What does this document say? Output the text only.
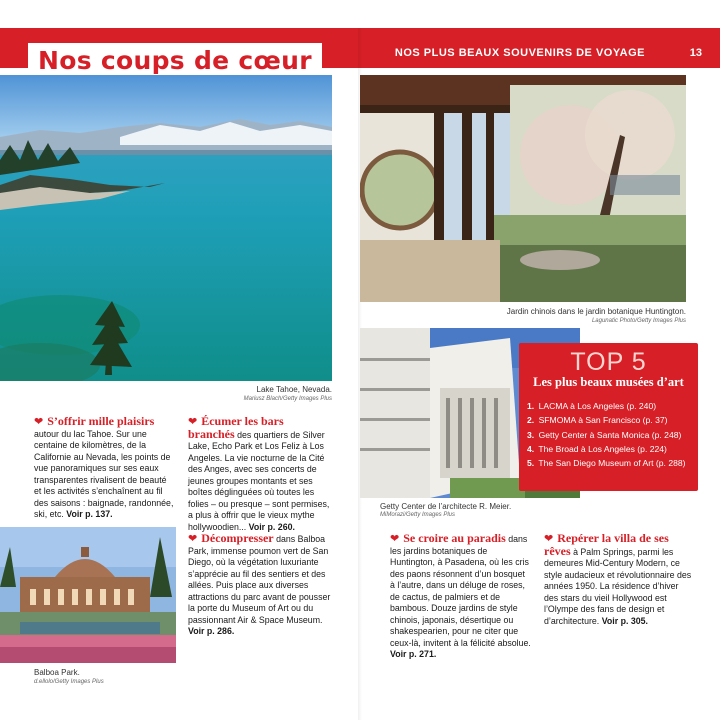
Nos coups de cœur	NOS PLUS BEAUX SOUVENIRS DE VOYAGE	13
Lake Tahoe, Nevada.
Mariusz Blach/Getty Images Plus
Jardin chinois dans le jardin botanique Huntington.
Lagunatic Photo/Getty Images Plus
Getty Center de l’architecte R. Meier.
MiMorazi/Getty Images Plus
TOP 5
Les plus beaux musées d’art
1. LACMA à Los Angeles (p. 240)
2. SFMOMA à San Francisco (p. 37)
3. Getty Center à Santa Monica (p. 248)
4. The Broad à Los Angeles (p. 224)
5. The San Diego Museum of Art (p. 288)
❤ S’offrir mille plaisirs autour du lac Tahoe. Sur une centaine de kilomètres, de la Californie au Nevada, les points de vue panoramiques sur ses eaux transparentes rivalisent de beauté et les activités s’enchaînent au fil des saisons : baignade, randonnée, ski, etc. Voir p. 137.
❤ Écumer les bars branchés des quartiers de Silver Lake, Echo Park et Los Feliz à Los Angeles. La vie nocturne de la Cité des Anges, avec ses concerts de jeunes groupes montants et ses boîtes déglinguées où toutes les folies – ou presque – sont permises, a plus à offrir que le vieux mythe hollywoodien... Voir p. 260.
❤ Décompresser dans Balboa Park, immense poumon vert de San Diego, où la végétation luxuriante s’apprécie au fil des sentiers et des allées. Puis place aux diverses attractions du parc avant de pousser la porte du Museum of Art ou du passionnant Air & Space Museum. Voir p. 286.
❤ Se croire au paradis dans les jardins botaniques de Huntington, à Pasadena, où les cris des paons résonnent d’un bosquet à l’autre, dans un déluge de roses, de cactus, de palmiers et de bambous. Douze jardins de style chinois, japonais, désertique ou shakespearien, pour ne citer que ceux-là, invitent à la félicité absolue. Voir p. 271.
❤ Repérer la villa de ses rêves à Palm Springs, parmi les demeures Mid-Century Modern, ce style audacieux et révolutionnaire des années 1950. La résidence d’hiver des stars du vieil Hollywood est l’Olympe des fans de design et d’architecture. Voir p. 305.
Balboa Park.
d.ellolo/Getty Images Plus
